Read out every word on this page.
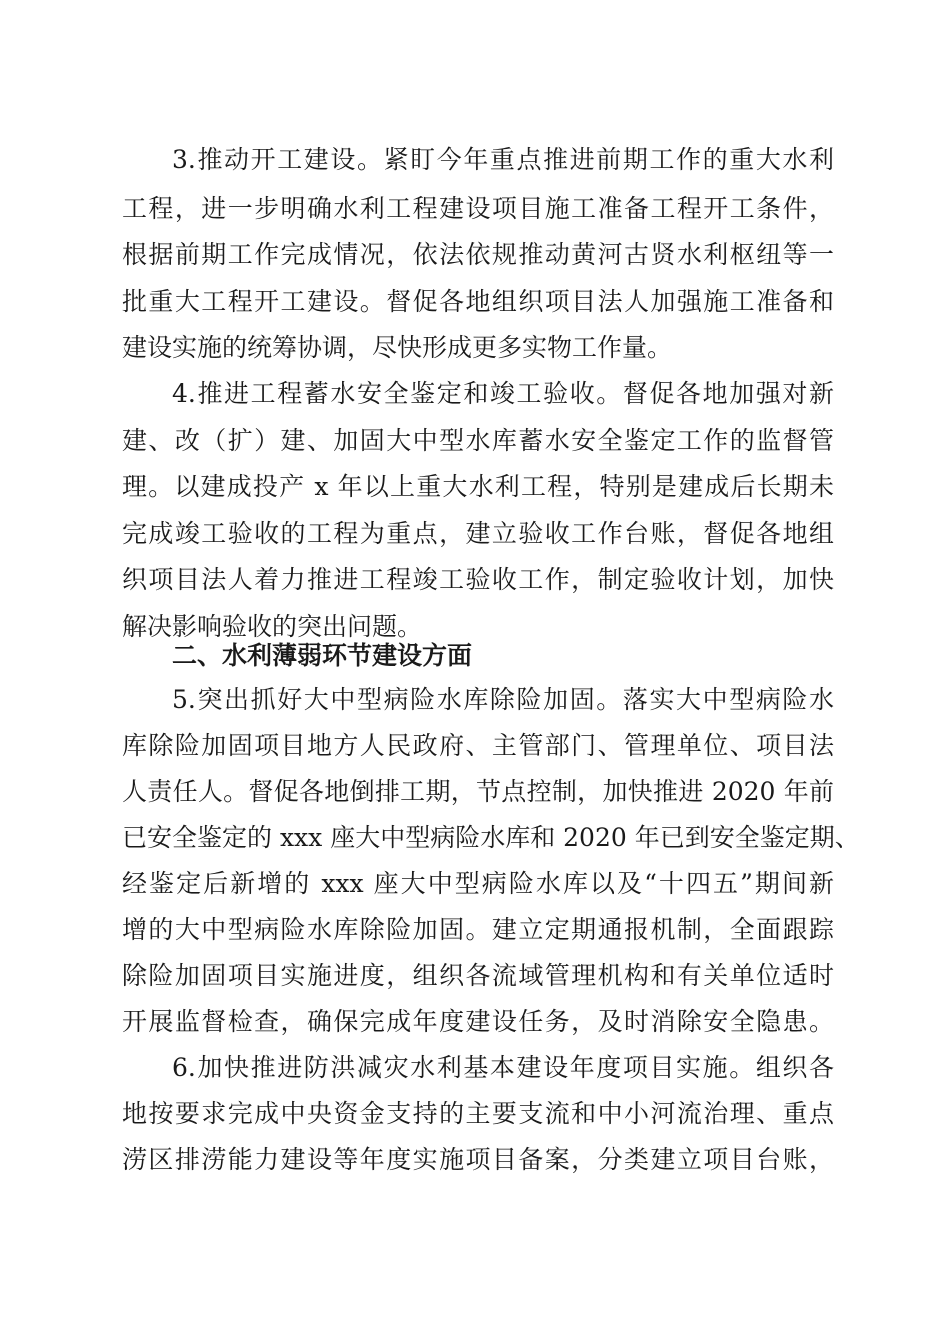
3.推动开工建设。紧盯今年重点推进前期工作的重大水利
工程，进一步明确水利工程建设项目施工准备工程开工条件，
根据前期工作完成情况，依法依规推动黄河古贤水利枢纽等一
批重大工程开工建设。督促各地组织项目法人加强施工准备和
建设实施的统筹协调，尽快形成更多实物工作量。
4.推进工程蓄水安全鉴定和竣工验收。督促各地加强对新
建、改（扩）建、加固大中型水库蓄水安全鉴定工作的监督管
理。以建成投产 x 年以上重大水利工程，特别是建成后长期未
完成竣工验收的工程为重点，建立验收工作台账，督促各地组
织项目法人着力推进工程竣工验收工作，制定验收计划，加快
解决影响验收的突出问题。
二、水利薄弱环节建设方面
5.突出抓好大中型病险水库除险加固。落实大中型病险水
库除险加固项目地方人民政府、主管部门、管理单位、项目法
人责任人。督促各地倒排工期，节点控制，加快推进 2020 年前
已安全鉴定的 xxx 座大中型病险水库和 2020 年已到安全鉴定期、
经鉴定后新增的 xxx 座大中型病险水库以及“十四五”期间新
增的大中型病险水库除险加固。建立定期通报机制，全面跟踪
除险加固项目实施进度，组织各流域管理机构和有关单位适时
开展监督检查，确保完成年度建设任务，及时消除安全隐患。
6.加快推进防洪减灾水利基本建设年度项目实施。组织各
地按要求完成中央资金支持的主要支流和中小河流治理、重点
涝区排涝能力建设等年度实施项目备案，分类建立项目台账，
